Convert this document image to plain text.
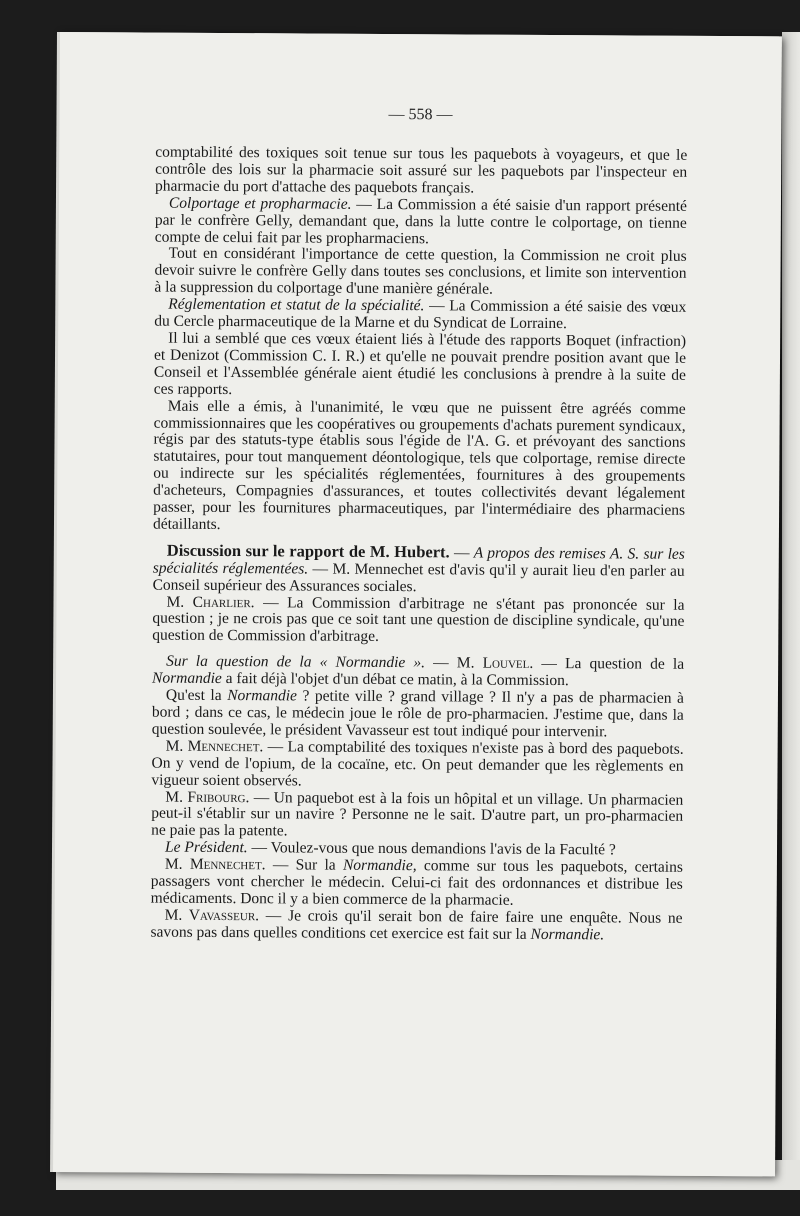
— 558 —

comptabilité des toxiques soit tenue sur tous les paquebots à voyageurs, et que le contrôle des lois sur la pharmacie soit assuré sur les paquebots par l'inspecteur en pharmacie du port d'attache des paquebots français.

Colportage et propharmacie. — La Commission a été saisie d'un rapport présenté par le confrère Gelly, demandant que, dans la lutte contre le colportage, on tienne compte de celui fait par les propharmaciens.

Tout en considérant l'importance de cette question, la Commission ne croit plus devoir suivre le confrère Gelly dans toutes ses conclusions, et limite son intervention à la suppression du colportage d'une manière générale.

Réglementation et statut de la spécialité. — La Commission a été saisie des vœux du Cercle pharmaceutique de la Marne et du Syndicat de Lorraine.

Il lui a semblé que ces vœux étaient liés à l'étude des rapports Boquet (infraction) et Denizot (Commission C. I. R.) et qu'elle ne pouvait prendre position avant que le Conseil et l'Assemblée générale aient étudié les conclusions à prendre à la suite de ces rapports.

Mais elle a émis, à l'unanimité, le vœu que ne puissent être agréés comme commissionnaires que les coopératives ou groupements d'achats purement syndicaux, régis par des statuts-type établis sous l'égide de l'A. G. et prévoyant des sanctions statutaires, pour tout manquement déontologique, tels que colportage, remise directe ou indirecte sur les spécialités réglementées, fournitures à des groupements d'acheteurs, Compagnies d'assurances, et toutes collectivités devant légalement passer, pour les fournitures pharmaceutiques, par l'intermédiaire des pharmaciens détaillants.

Discussion sur le rapport de M. Hubert. — A propos des remises A. S. sur les spécialités réglementées. — M. Mennechet est d'avis qu'il y aurait lieu d'en parler au Conseil supérieur des Assurances sociales.

M. Charlier. — La Commission d'arbitrage ne s'étant pas prononcée sur la question ; je ne crois pas que ce soit tant une question de discipline syndicale, qu'une question de Commission d'arbitrage.

Sur la question de la « Normandie ». — M. Louvel. — La question de la Normandie a fait déjà l'objet d'un débat ce matin, à la Commission.

Qu'est la Normandie ? petite ville ? grand village ? Il n'y a pas de pharmacien à bord ; dans ce cas, le médecin joue le rôle de pro-pharmacien. J'estime que, dans la question soulevée, le président Vavasseur est tout indiqué pour intervenir.

M. Mennechet. — La comptabilité des toxiques n'existe pas à bord des paquebots. On y vend de l'opium, de la cocaïne, etc. On peut demander que les règlements en vigueur soient observés.

M. Fribourg. — Un paquebot est à la fois un hôpital et un village. Un pharmacien peut-il s'établir sur un navire ? Personne ne le sait. D'autre part, un pro-pharmacien ne paie pas la patente.

Le Président. — Voulez-vous que nous demandions l'avis de la Faculté ?

M. Mennechet. — Sur la Normandie, comme sur tous les paquebots, certains passagers vont chercher le médecin. Celui-ci fait des ordonnances et distribue les médicaments. Donc il y a bien commerce de la pharmacie.

M. Vavasseur. — Je crois qu'il serait bon de faire faire une enquête. Nous ne savons pas dans quelles conditions cet exercice est fait sur la Normandie.
